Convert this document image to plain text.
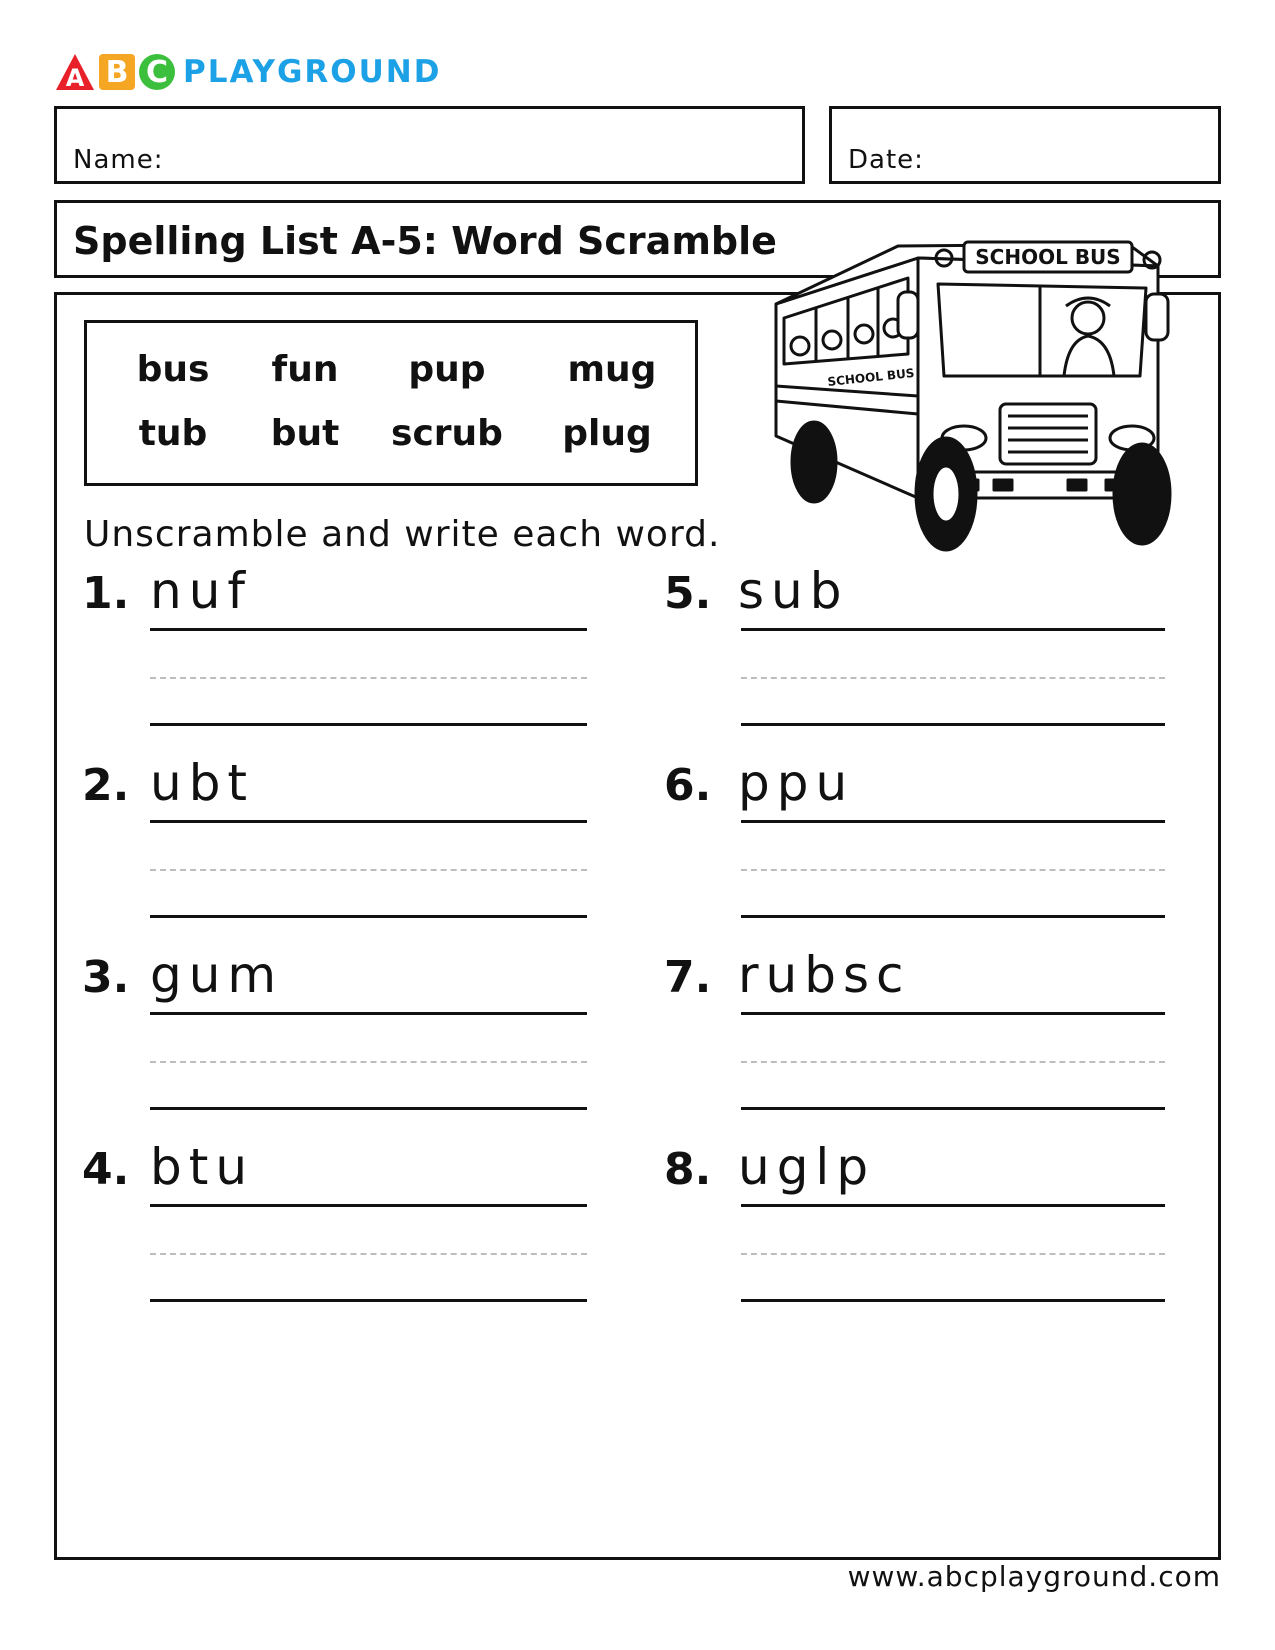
A B C PLAYGROUND
Name:	Date:
Spelling List A-5: Word Scramble
bus	fun	pup	mug
tub	but	scrub	plug
Unscramble and write each word.
SCHOOL BUS
SCHOOL BUS
1. nuf
2. ubt
3. gum
4. btu
5. sub
6. ppu
7. rubsc
8. uglp
www.abcplayground.com
